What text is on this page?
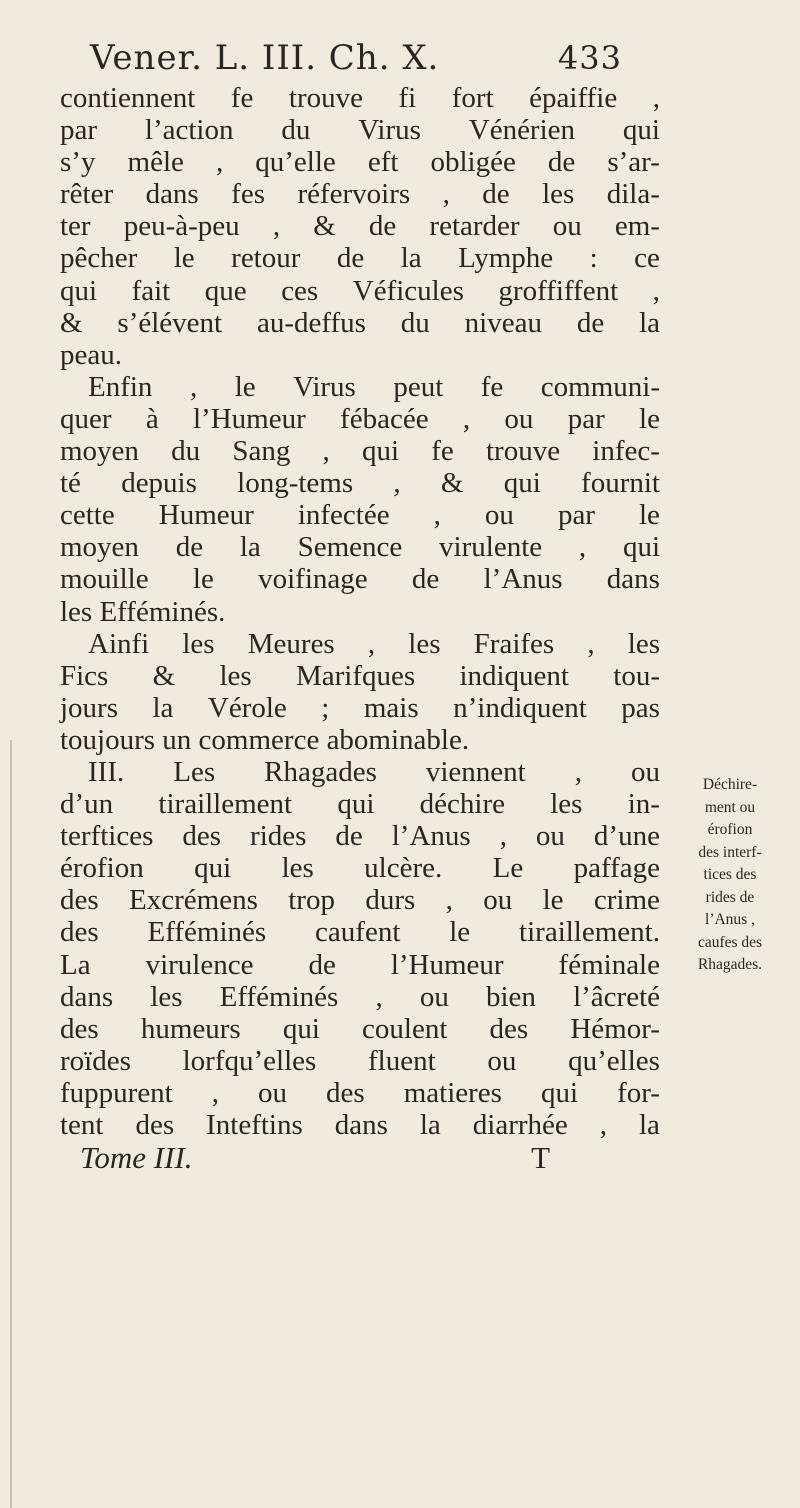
Vener. L. III. Ch. X.	433
contiennent fe trouve fi fort épaiffie ,
par l’action du Virus Vénérien qui
s’y mêle , qu’elle eft obligée de s’ar-
rêter dans fes réfervoirs , de les dila-
ter peu-à-peu , & de retarder ou em-
pêcher le retour de la Lymphe : ce
qui fait que ces Véficules groffiffent ,
& s’élévent au-deffus du niveau de la
peau.
Enfin , le Virus peut fe communi-
quer à l’Humeur fébacée , ou par le
moyen du Sang , qui fe trouve infec-
té depuis long-tems , & qui fournit
cette Humeur infectée , ou par le
moyen de la Semence virulente , qui
mouille le voifinage de l’Anus dans
les Efféminés.
Ainfi les Meures , les Fraifes , les
Fics & les Marifques indiquent tou-
jours la Vérole ; mais n’indiquent pas
toujours un commerce abominable.
III. Les Rhagades viennent , ou
d’un tiraillement qui déchire les in-
terftices des rides de l’Anus , ou d’une
érofion qui les ulcère. Le paffage
des Excrémens trop durs , ou le crime
des Efféminés caufent le tiraillement.
La virulence de l’Humeur féminale
dans les Efféminés , ou bien l’âcreté
des humeurs qui coulent des Hémor-
roïdes lorfqu’elles fluent ou qu’elles
fuppurent , ou des matieres qui for-
tent des Inteftins dans la diarrhée , la
Déchire-
ment ou
érofion
des interf-
tices des
rides de
l’Anus ,
caufes des
Rhagades.
Tome III.	T
